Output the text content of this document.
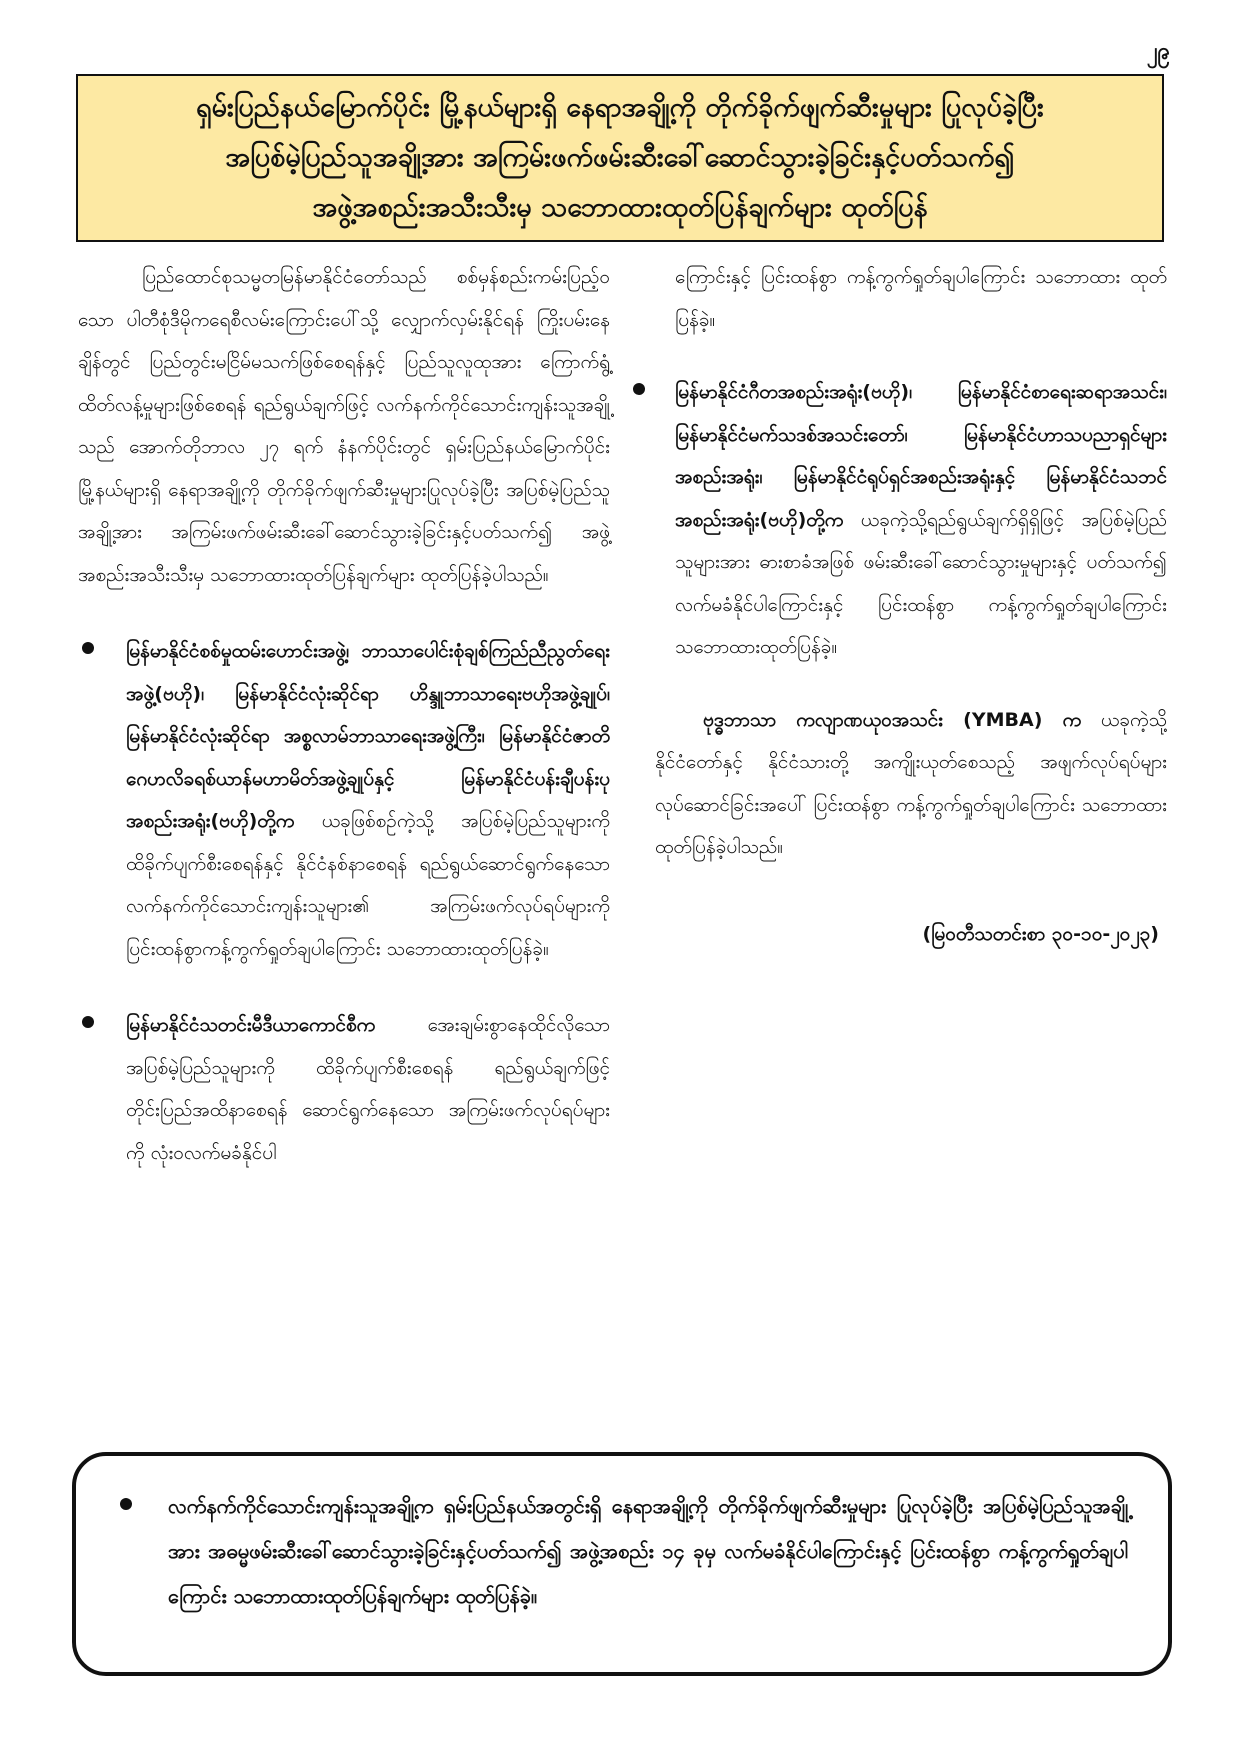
၂၉
ရှမ်းပြည်နယ်မြောက်ပိုင်း မြို့နယ်များရှိ နေရာအချို့ကို တိုက်ခိုက်ဖျက်ဆီးမှုများ ပြုလုပ်ခဲ့ပြီး
အပြစ်မဲ့ပြည်သူအချို့အား အကြမ်းဖက်ဖမ်းဆီးခေါ်ဆောင်သွားခဲ့ခြင်းနှင့်ပတ်သက်၍
အဖွဲ့အစည်းအသီးသီးမှ သဘောထားထုတ်ပြန်ချက်များ ထုတ်ပြန်

ပြည်ထောင်စုသမ္မတမြန်မာနိုင်ငံတော်သည် စစ်မှန်စည်းကမ်းပြည့်ဝသော ပါတီစုံဒီမိုကရေစီလမ်းကြောင်းပေါ်သို့ လျှောက်လှမ်းနိုင်ရန် ကြိုးပမ်းနေချိန်တွင် ပြည်တွင်းမငြိမ်မသက်ဖြစ်စေရန်နှင့် ပြည်သူလူထုအား ကြောက်ရွံ့ထိတ်လန့်မှုများဖြစ်စေရန် ရည်ရွယ်ချက်ဖြင့် လက်နက်ကိုင်သောင်းကျန်းသူအချို့သည် အောက်တိုဘာလ ၂၇ ရက် နံနက်ပိုင်းတွင် ရှမ်းပြည်နယ်မြောက်ပိုင်း မြို့နယ်များရှိ နေရာအချို့ကို တိုက်ခိုက်ဖျက်ဆီးမှုများပြုလုပ်ခဲ့ပြီး အပြစ်မဲ့ပြည်သူအချို့အား အကြမ်းဖက်ဖမ်းဆီးခေါ်ဆောင်သွားခဲ့ခြင်းနှင့်ပတ်သက်၍ အဖွဲ့အစည်းအသီးသီးမှ သဘောထားထုတ်ပြန်ချက်များ ထုတ်ပြန်ခဲ့ပါသည်။

မြန်မာနိုင်ငံစစ်မှုထမ်းဟောင်းအဖွဲ့၊ ဘာသာပေါင်းစုံချစ်ကြည်ညီညွတ်ရေးအဖွဲ့(ဗဟို)၊ မြန်မာနိုင်ငံလုံးဆိုင်ရာ ဟိန္ဒူဘာသာရေးဗဟိုအဖွဲ့ချုပ်၊ မြန်မာနိုင်ငံလုံးဆိုင်ရာ အစ္စလာမ်ဘာသာရေးအဖွဲ့ကြီး၊ မြန်မာနိုင်ငံဇာတိဂေဟလိခရစ်ယာန်မဟာမိတ်အဖွဲ့ချုပ်နှင့် မြန်မာနိုင်ငံပန်းချီပန်းပုအစည်းအရုံး(ဗဟို)တို့က ယခုဖြစ်စဉ်ကဲ့သို့ အပြစ်မဲ့ပြည်သူများကို ထိခိုက်ပျက်စီးစေရန်နှင့် နိုင်ငံနစ်နာစေရန် ရည်ရွယ်ဆောင်ရွက်နေသော လက်နက်ကိုင်သောင်းကျန်းသူများ၏ အကြမ်းဖက်လုပ်ရပ်များကို ပြင်းထန်စွာကန့်ကွက်ရှုတ်ချပါကြောင်း သဘောထားထုတ်ပြန်ခဲ့။

မြန်မာနိုင်ငံသတင်းမီဒီယာကောင်စီက အေးချမ်းစွာနေထိုင်လိုသော အပြစ်မဲ့ပြည်သူများကို ထိခိုက်ပျက်စီးစေရန် ရည်ရွယ်ချက်ဖြင့် တိုင်းပြည်အထိနာစေရန် ဆောင်ရွက်နေသော အကြမ်းဖက်လုပ်ရပ်များကို လုံးဝလက်မခံနိုင်ပါ

ကြောင်းနှင့် ပြင်းထန်စွာ ကန့်ကွက်ရှုတ်ချပါကြောင်း သဘောထား ထုတ်ပြန်ခဲ့။

မြန်မာနိုင်ငံဂီတအစည်းအရုံး(ဗဟို)၊ မြန်မာနိုင်ငံစာရေးဆရာအသင်း၊ မြန်မာနိုင်ငံမက်သဒစ်အသင်းတော်၊ မြန်မာနိုင်ငံဟာသပညာရှင်များအစည်းအရုံး၊ မြန်မာနိုင်ငံရုပ်ရှင်အစည်းအရုံးနှင့် မြန်မာနိုင်ငံသဘင်အစည်းအရုံး(ဗဟို)တို့က ယခုကဲ့သို့ရည်ရွယ်ချက်ရှိရှိဖြင့် အပြစ်မဲ့ပြည်သူများအား ဓားစာခံအဖြစ် ဖမ်းဆီးခေါ်ဆောင်သွားမှုများနှင့် ပတ်သက်၍ လက်မခံနိုင်ပါကြောင်းနှင့် ပြင်းထန်စွာ ကန့်ကွက်ရှုတ်ချပါကြောင်း သဘောထားထုတ်ပြန်ခဲ့။

ဗုဒ္ဓဘာသာ ကလျာဏယုဝအသင်း (YMBA) က ယခုကဲ့သို့ နိုင်ငံတော်နှင့် နိုင်ငံသားတို့ အကျိုးယုတ်စေသည့် အဖျက်လုပ်ရပ်များ လုပ်ဆောင်ခြင်းအပေါ် ပြင်းထန်စွာ ကန့်ကွက်ရှုတ်ချပါကြောင်း သဘောထားထုတ်ပြန်ခဲ့ပါသည်။

(မြဝတီသတင်းစာ ၃၀-၁၀-၂၀၂၃)

လက်နက်ကိုင်သောင်းကျန်းသူအချို့က ရှမ်းပြည်နယ်အတွင်းရှိ နေရာအချို့ကို တိုက်ခိုက်ဖျက်ဆီးမှုများ ပြုလုပ်ခဲ့ပြီး အပြစ်မဲ့ပြည်သူအချို့အား အဓမ္မဖမ်းဆီးခေါ်ဆောင်သွားခဲ့ခြင်းနှင့်ပတ်သက်၍ အဖွဲ့အစည်း ၁၄ ခုမှ လက်မခံနိုင်ပါကြောင်းနှင့် ပြင်းထန်စွာ ကန့်ကွက်ရှုတ်ချပါကြောင်း သဘောထားထုတ်ပြန်ချက်များ ထုတ်ပြန်ခဲ့။
